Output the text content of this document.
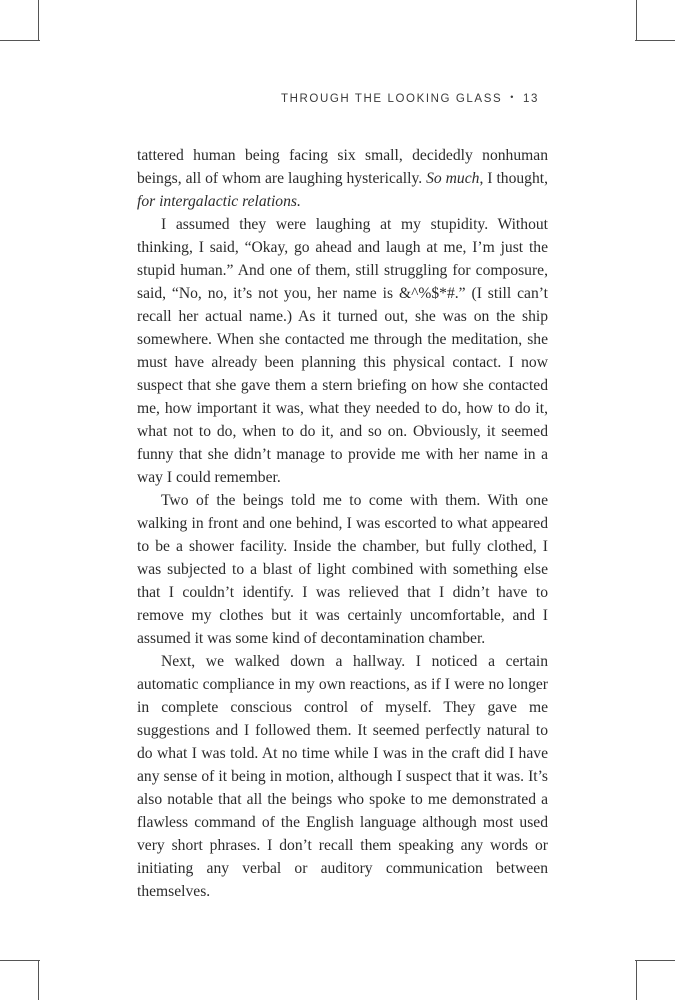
THROUGH THE LOOKING GLASS • 13

tattered human being facing six small, decidedly nonhuman beings, all of whom are laughing hysterically. So much, I thought, for intergalactic relations.

I assumed they were laughing at my stupidity. Without thinking, I said, “Okay, go ahead and laugh at me, I’m just the stupid human.” And one of them, still struggling for composure, said, “No, no, it’s not you, her name is &^%$*#.” (I still can’t recall her actual name.) As it turned out, she was on the ship somewhere. When she contacted me through the meditation, she must have already been planning this physical contact. I now suspect that she gave them a stern briefing on how she contacted me, how important it was, what they needed to do, how to do it, what not to do, when to do it, and so on. Obviously, it seemed funny that she didn’t manage to provide me with her name in a way I could remember.

Two of the beings told me to come with them. With one walking in front and one behind, I was escorted to what appeared to be a shower facility. Inside the chamber, but fully clothed, I was subjected to a blast of light combined with something else that I couldn’t identify. I was relieved that I didn’t have to remove my clothes but it was certainly uncomfortable, and I assumed it was some kind of decontamination chamber.

Next, we walked down a hallway. I noticed a certain automatic compliance in my own reactions, as if I were no longer in complete conscious control of myself. They gave me suggestions and I followed them. It seemed perfectly natural to do what I was told. At no time while I was in the craft did I have any sense of it being in motion, although I suspect that it was. It’s also notable that all the beings who spoke to me demonstrated a flawless command of the English language although most used very short phrases. I don’t recall them speaking any words or initiating any verbal or auditory communication between themselves.
